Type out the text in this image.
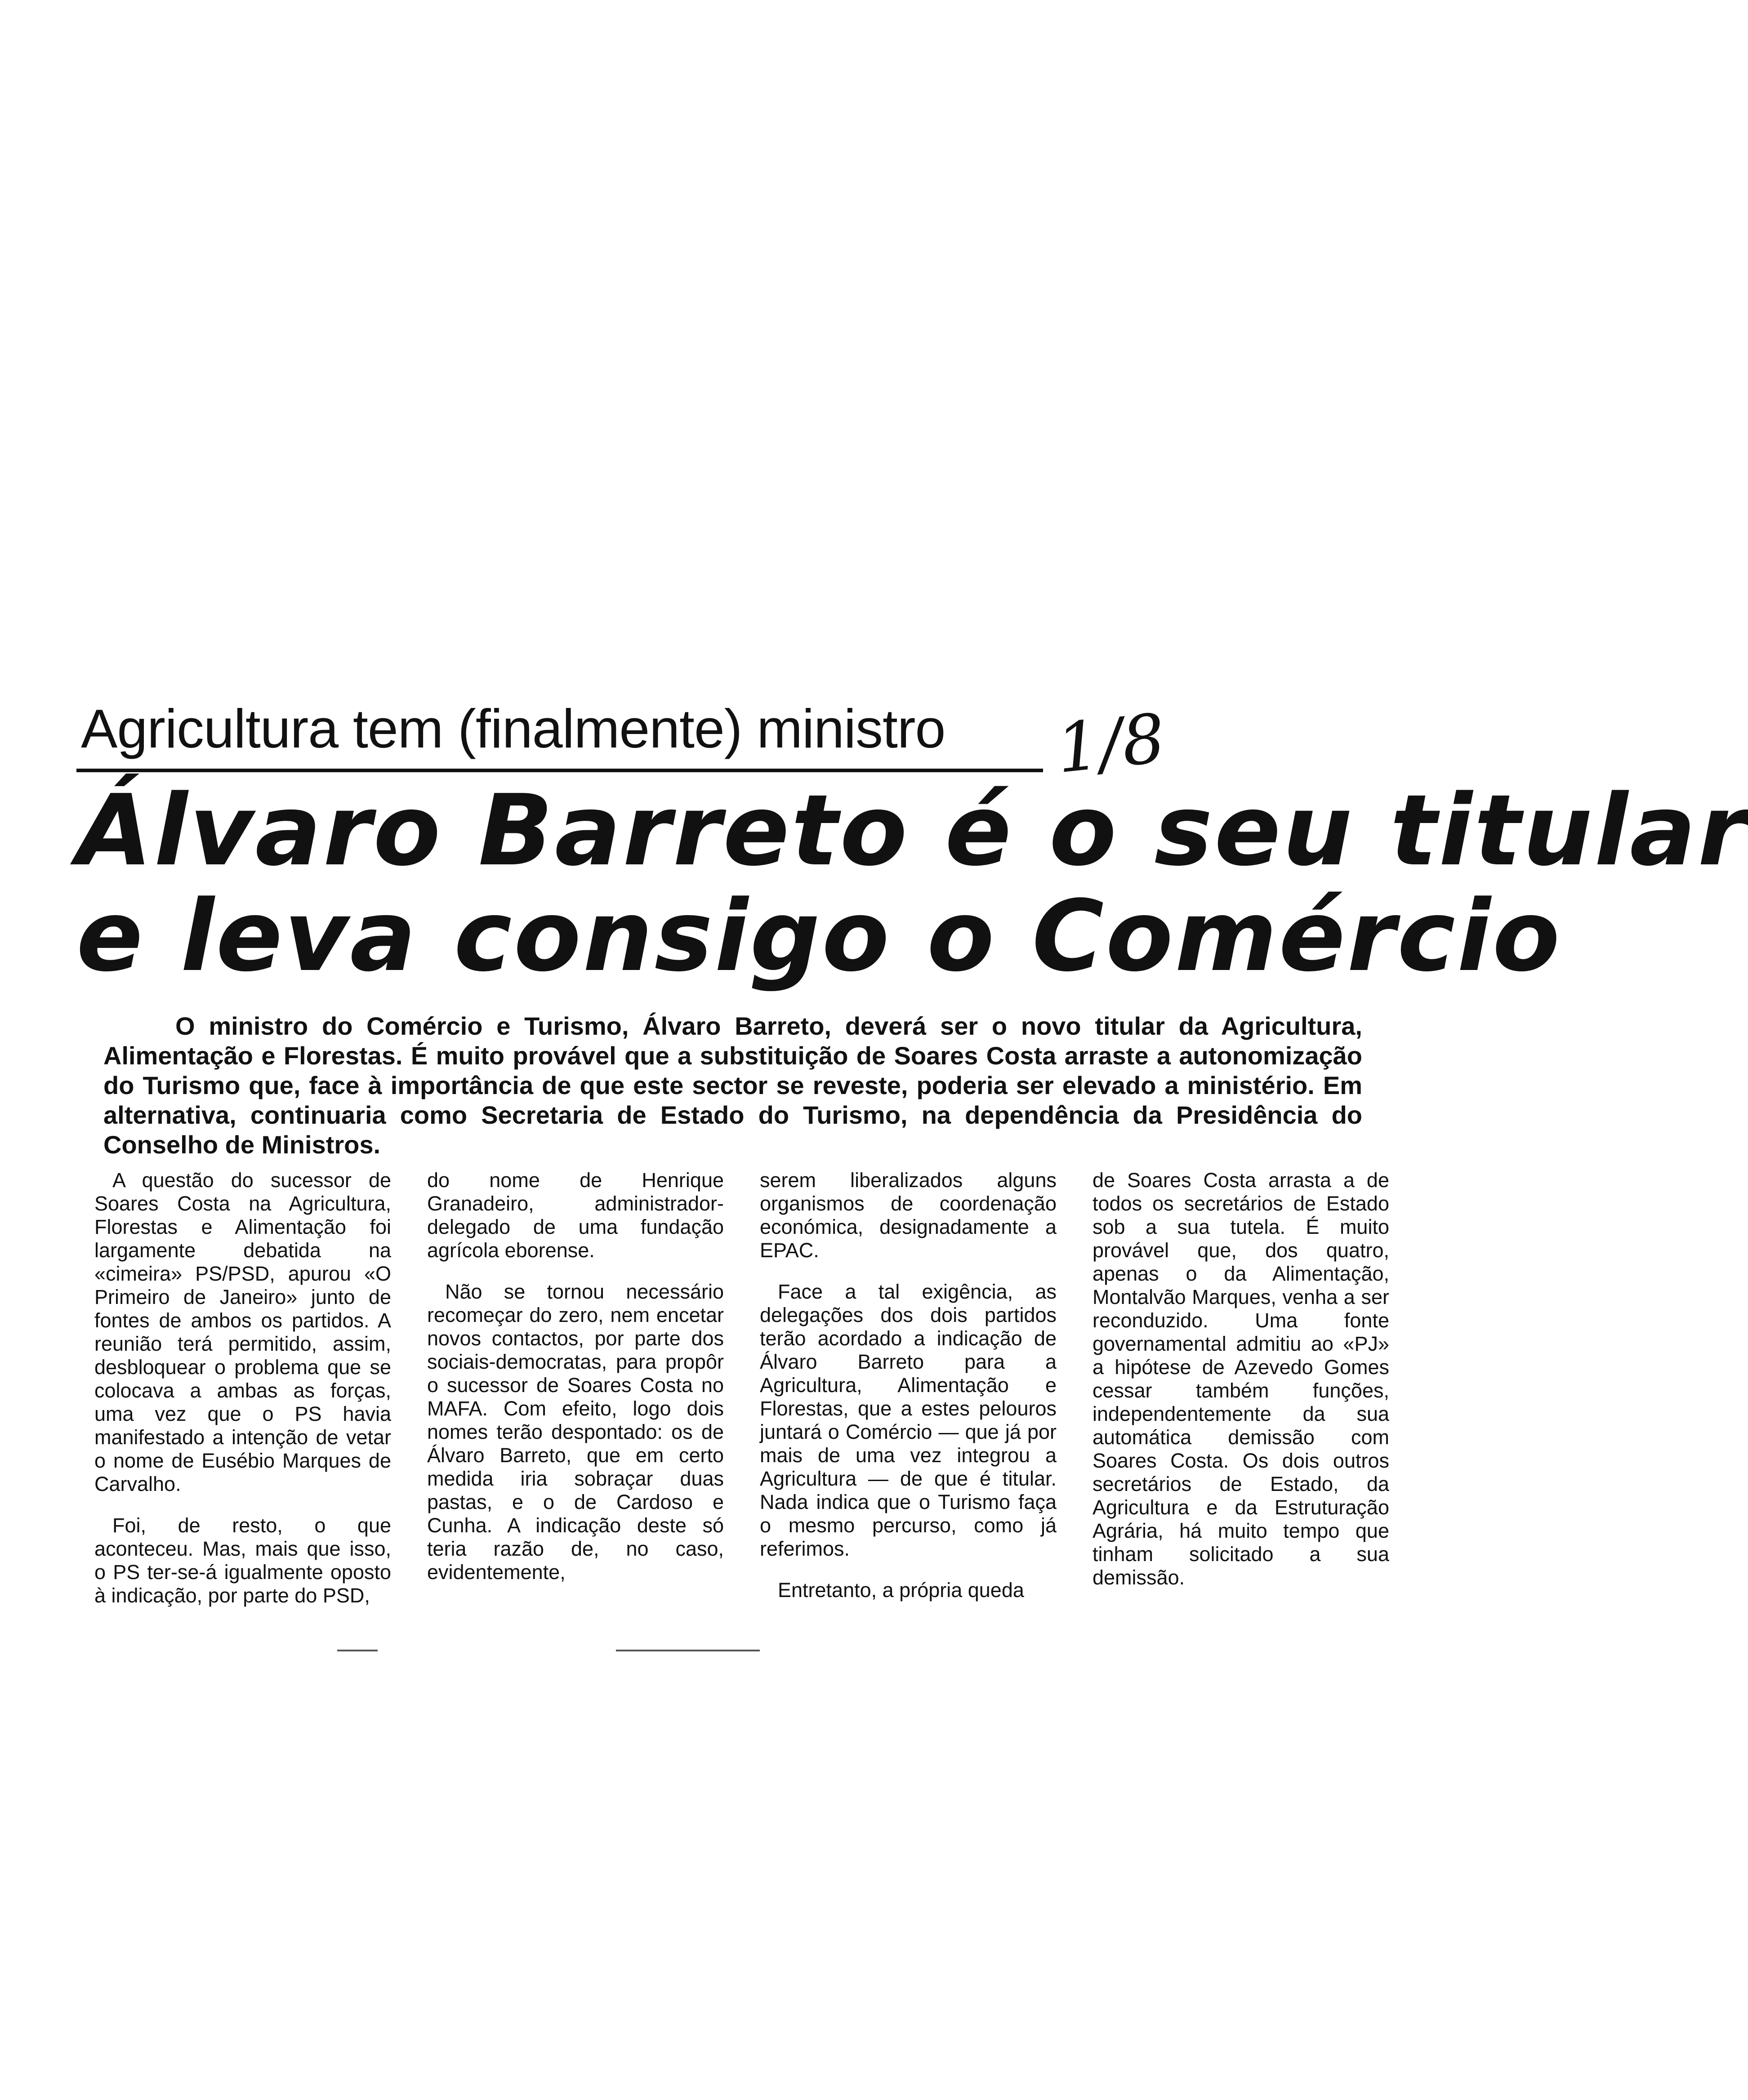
Agricultura tem (finalmente) ministro 1/8
Álvaro Barreto é o seu titular
e leva consigo o Comércio
O ministro do Comércio e Turismo, Álvaro Barreto, deverá ser o novo titular da Agricultura, Alimentação e Florestas. É muito provável que a substituição de Soares Costa arraste a autonomização do Turismo que, face à importância de que este sector se reveste, poderia ser elevado a ministério. Em alternativa, continuaria como Secretaria de Estado do Turismo, na dependência da Presidência do Conselho de Ministros.

A questão do sucessor de Soares Costa na Agricultura, Florestas e Alimentação foi largamente debatida na «cimeira» PS/PSD, apurou «O Primeiro de Janeiro» junto de fontes de ambos os partidos. A reunião terá permitido, assim, desbloquear o problema que se colocava a ambas as forças, uma vez que o PS havia manifestado a intenção de vetar o nome de Eusébio Marques de Carvalho.

Foi, de resto, o que aconteceu. Mas, mais que isso, o PS ter-se-á igualmente oposto à indicação, por parte do PSD,

do nome de Henrique Granadeiro, administrador-delegado de uma fundação agrícola eborense.

Não se tornou necessário recomeçar do zero, nem encetar novos contactos, por parte dos sociais-democratas, para propôr o sucessor de Soares Costa no MAFA. Com efeito, logo dois nomes terão despontado: os de Álvaro Barreto, que em certo medida iria sobraçar duas pastas, e o de Cardoso e Cunha. A indicação deste só teria razão de, no caso, evidentemente,

serem liberalizados alguns organismos de coordenação económica, designadamente a EPAC.

Face a tal exigência, as delegações dos dois partidos terão acordado a indicação de Álvaro Barreto para a Agricultura, Alimentação e Florestas, que a estes pelouros juntará o Comércio — que já por mais de uma vez integrou a Agricultura — de que é titular. Nada indica que o Turismo faça o mesmo percurso, como já referimos.

Entretanto, a própria queda

de Soares Costa arrasta a de todos os secretários de Estado sob a sua tutela. É muito provável que, dos quatro, apenas o da Alimentação, Montalvão Marques, venha a ser reconduzido. Uma fonte governamental admitiu ao «PJ» a hipótese de Azevedo Gomes cessar também funções, independentemente da sua automática demissão com Soares Costa. Os dois outros secretários de Estado, da Agricultura e da Estruturação Agrária, há muito tempo que tinham solicitado a sua demissão.
